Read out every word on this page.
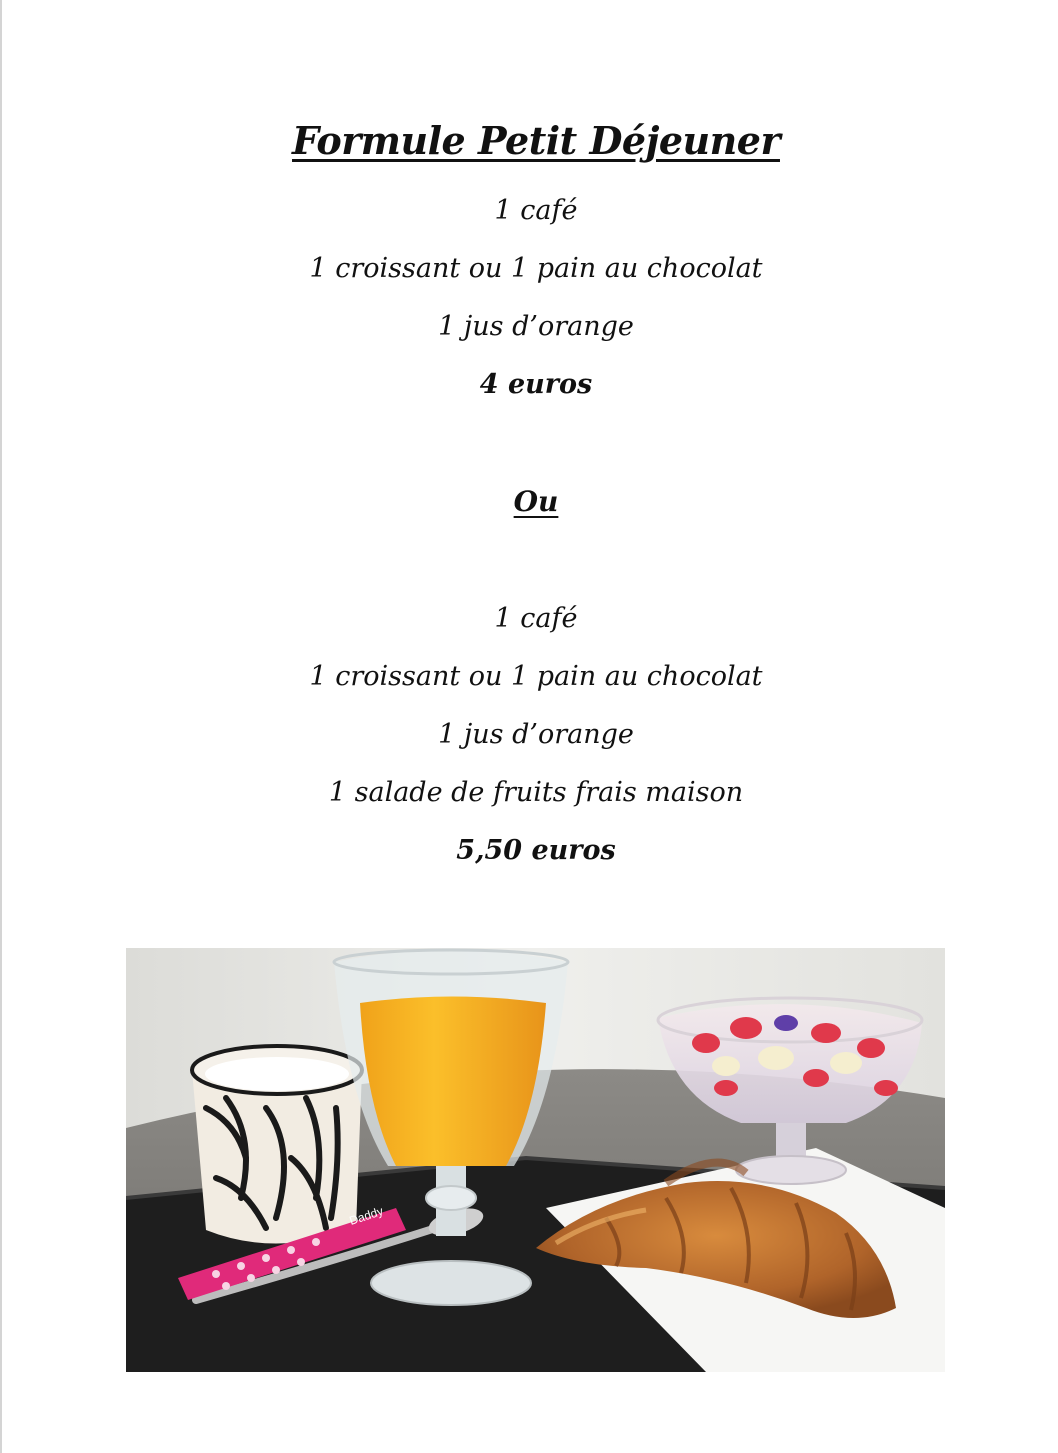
Formule Petit Déjeuner
1 café
1 croissant ou 1 pain au chocolat
1 jus d’orange
4 euros
Ou
1 café
1 croissant ou 1 pain au chocolat
1 jus d’orange
1 salade de fruits frais maison
5,50 euros
Daddy
